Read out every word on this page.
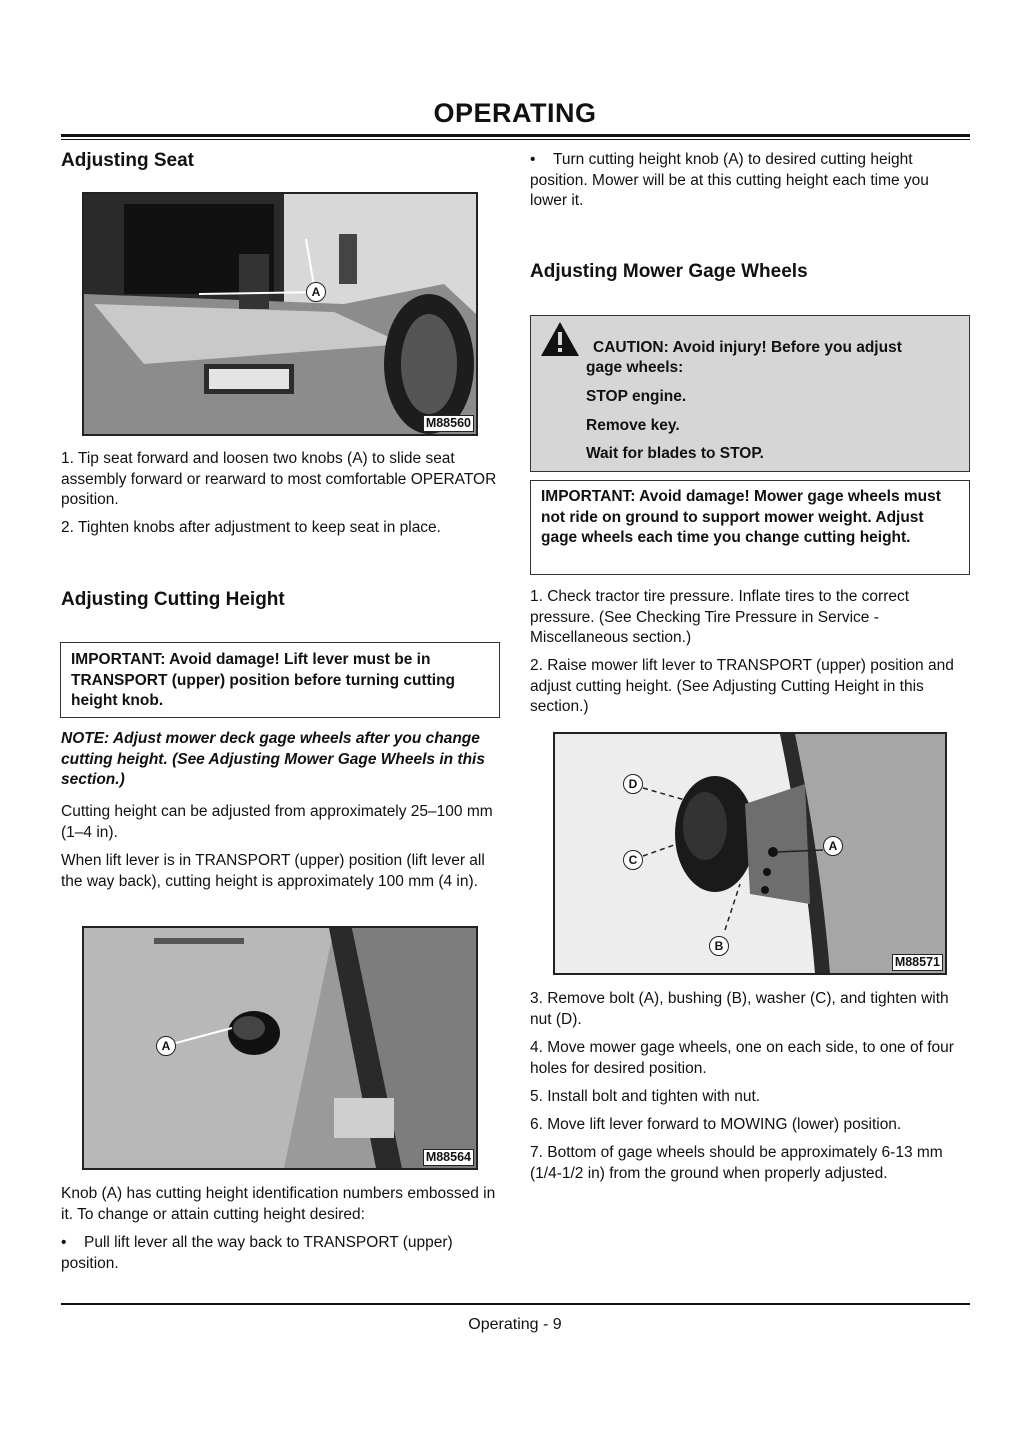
OPERATING
Adjusting Seat
A
M88560
1. Tip seat forward and loosen two knobs (A) to slide seat assembly forward or rearward to most comfortable OPERATOR position.
2. Tighten knobs after adjustment to keep seat in place.
Adjusting Cutting Height
IMPORTANT: Avoid damage! Lift lever must be in TRANSPORT (upper) position before turning cutting height knob.
NOTE: Adjust mower deck gage wheels after you change cutting height. (See Adjusting Mower Gage Wheels in this section.)
Cutting height can be adjusted from approximately 25–100 mm (1–4 in).
When lift lever is in TRANSPORT (upper) position (lift lever all the way back), cutting height is approximately 100 mm (4 in).
A
M88564
Knob (A) has cutting height identification numbers embossed in it. To change or attain cutting height desired:
• Pull lift lever all the way back to TRANSPORT (upper) position.
• Turn cutting height knob (A) to desired cutting height position. Mower will be at this cutting height each time you lower it.
Adjusting Mower Gage Wheels
CAUTION: Avoid injury! Before you adjust
gage wheels:
STOP engine.
Remove key.
Wait for blades to STOP.
IMPORTANT: Avoid damage! Mower gage wheels must not ride on ground to support mower weight. Adjust gage wheels each time you change cutting height.
1. Check tractor tire pressure. Inflate tires to the correct pressure. (See Checking Tire Pressure in Service - Miscellaneous section.)
2. Raise mower lift lever to TRANSPORT (upper) position and adjust cutting height. (See Adjusting Cutting Height in this section.)
D
C
A
B
M88571
3. Remove bolt (A), bushing (B), washer (C), and tighten with nut (D).
4. Move mower gage wheels, one on each side, to one of four holes for desired position.
5. Install bolt and tighten with nut.
6. Move lift lever forward to MOWING (lower) position.
7. Bottom of gage wheels should be approximately 6-13 mm (1/4-1/2 in) from the ground when properly adjusted.
Operating - 9
